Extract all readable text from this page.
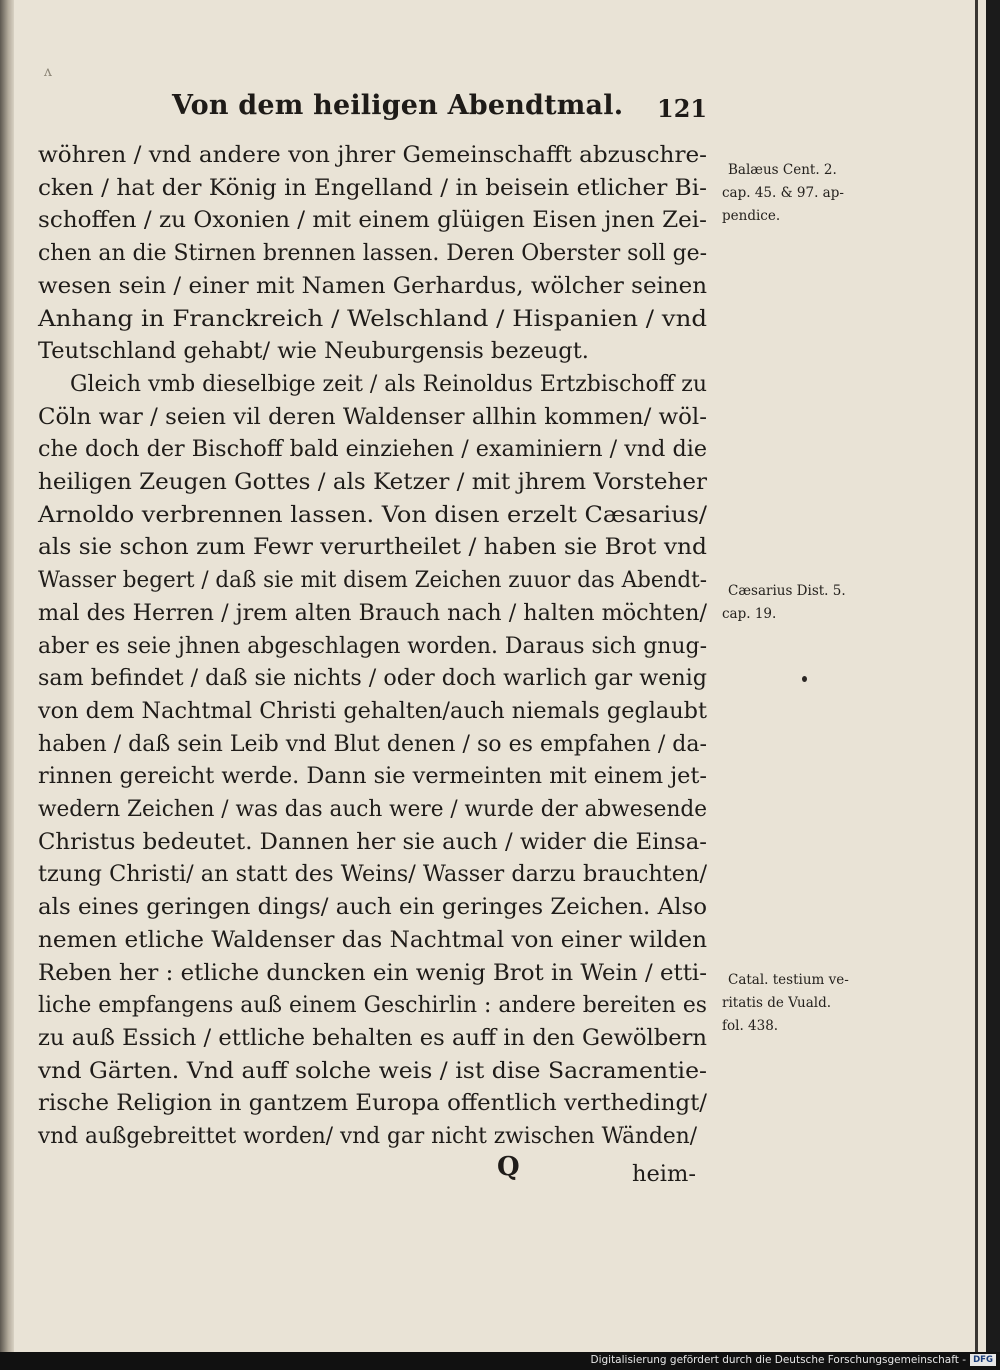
ʌ
Von dem heiligen Abendtmal. 121
wöhren / vnd andere von jhrer Gemeinschafft abzuschre-
cken / hat der König in Engelland / in beisein etlicher Bi-
schoffen / zu Oxonien / mit einem glüigen Eisen jnen Zei-
chen an die Stirnen brennen lassen. Deren Oberster soll ge-
wesen sein / einer mit Namen Gerhardus, wölcher seinen
Anhang in Franckreich / Welschland / Hispanien / vnd
Teutschland gehabt/ wie Neuburgensis bezeugt.
Gleich vmb dieselbige zeit / als Reinoldus Ertzbischoff zu
Cöln war / seien vil deren Waldenser allhin kommen/ wöl-
che doch der Bischoff bald einziehen / examiniern / vnd die
heiligen Zeugen Gottes / als Ketzer / mit jhrem Vorsteher
Arnoldo verbrennen lassen. Von disen erzelt Cæsarius/
als sie schon zum Fewr verurtheilet / haben sie Brot vnd
Wasser begert / daß sie mit disem Zeichen zuuor das Abendt-
mal des Herren / jrem alten Brauch nach / halten möchten/
aber es seie jhnen abgeschlagen worden. Daraus sich gnug-
sam befindet / daß sie nichts / oder doch warlich gar wenig
von dem Nachtmal Christi gehalten/auch niemals geglaubt
haben / daß sein Leib vnd Blut denen / so es empfahen / da-
rinnen gereicht werde. Dann sie vermeinten mit einem jet-
wedern Zeichen / was das auch were / wurde der abwesende
Christus bedeutet. Dannen her sie auch / wider die Einsa-
tzung Christi/ an statt des Weins/ Wasser darzu brauchten/
als eines geringen dings/ auch ein geringes Zeichen. Also
nemen etliche Waldenser das Nachtmal von einer wilden
Reben her : etliche duncken ein wenig Brot in Wein / etti-
liche empfangens auß einem Geschirlin : andere bereiten es
zu auß Essich / ettliche behalten es auff in den Gewölbern
vnd Gärten. Vnd auff solche weis / ist dise Sacramentie-
rische Religion in gantzem Europa offentlich verthedingt/
vnd außgebreittet worden/ vnd gar nicht zwischen Wänden/
Balæus Cent. 2.
cap. 45. & 97. ap-
pendice.
Cæsarius Dist. 5.
cap. 19.
Catal. testium ve-
ritatis de Vuald.
fol. 438.
Q	heim-
Digitalisierung gefördert durch die Deutsche Forschungsgemeinschaft - DFG
